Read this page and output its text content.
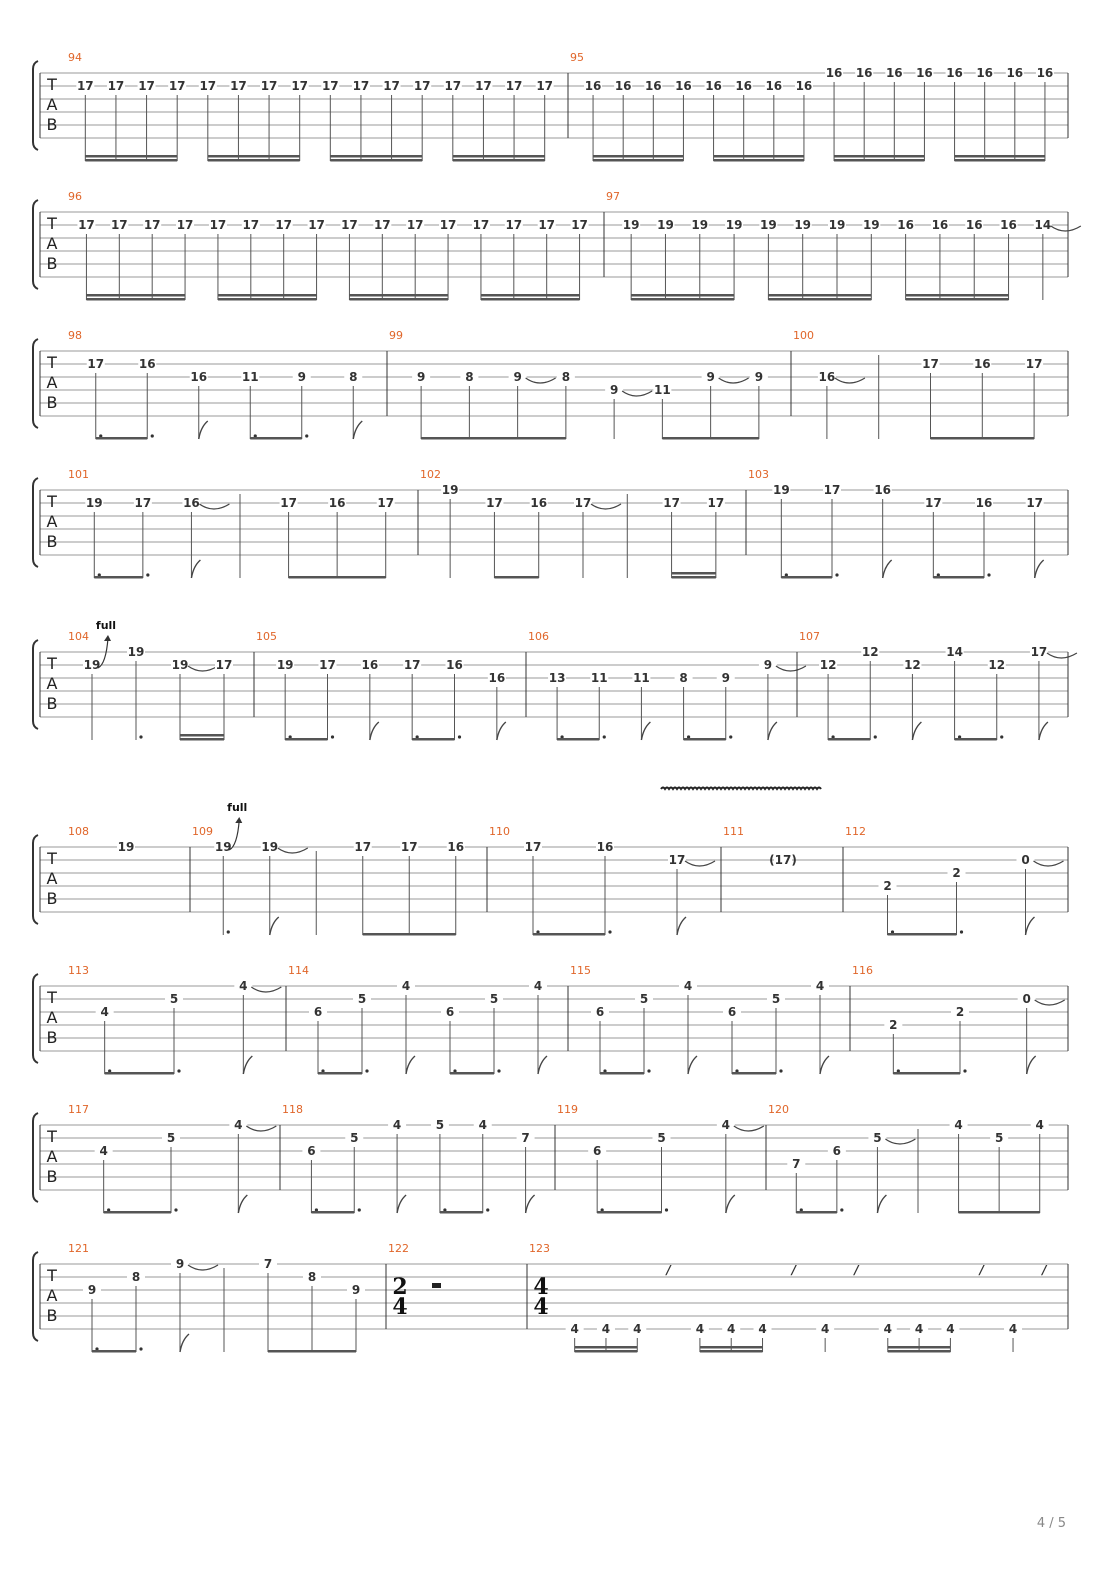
T
A
B
94
17 17 17 17 17 17 17 17 17 17 17 17 17 17 17 17
95
16 16 16 16 16 16 16 16
16 16 16 16 16 16 16 16
T
A
B
96
17 17 17 17 17 17 17 17 17 17 17 17 17 17 17 17
97
19 19 19 19 19 19 19 19 16 16 16 16 14
T
A
B
98
17	16
16	11	9	8
99
9	8	9	8
9	11
9	9
100
16
17	16	17
T
A
B
101
19	17	16	17	16	17
102
19
17 16 17	17 17
103
19	17	16
17	16	17
T
A
B
104
19
full
19
19 17
105
19 17 16 17 16
16
106
13 11 11 8	9
9
107
12
12
12
14
12
17
T
A
B
108
19
109
19
full
19	17 17 16
110
17	16
17
111
(17)
112
2
2
0
T
A
B
113
4
5
4
114
6
5
4
6
5
4
115
6
5
4
6
5
4
116
2
2
0
T
A
B
117
4
5
4
118
6
5
4	5	4
7
119
6
5
4
120
7
6
5
4
5
4
T
A
B
121
9
8
9	7
8
9
122
2
4
123
4
4
4 4 4
/
4 4 4
/
4
/
4 4 4
/
4
/
4 / 5
